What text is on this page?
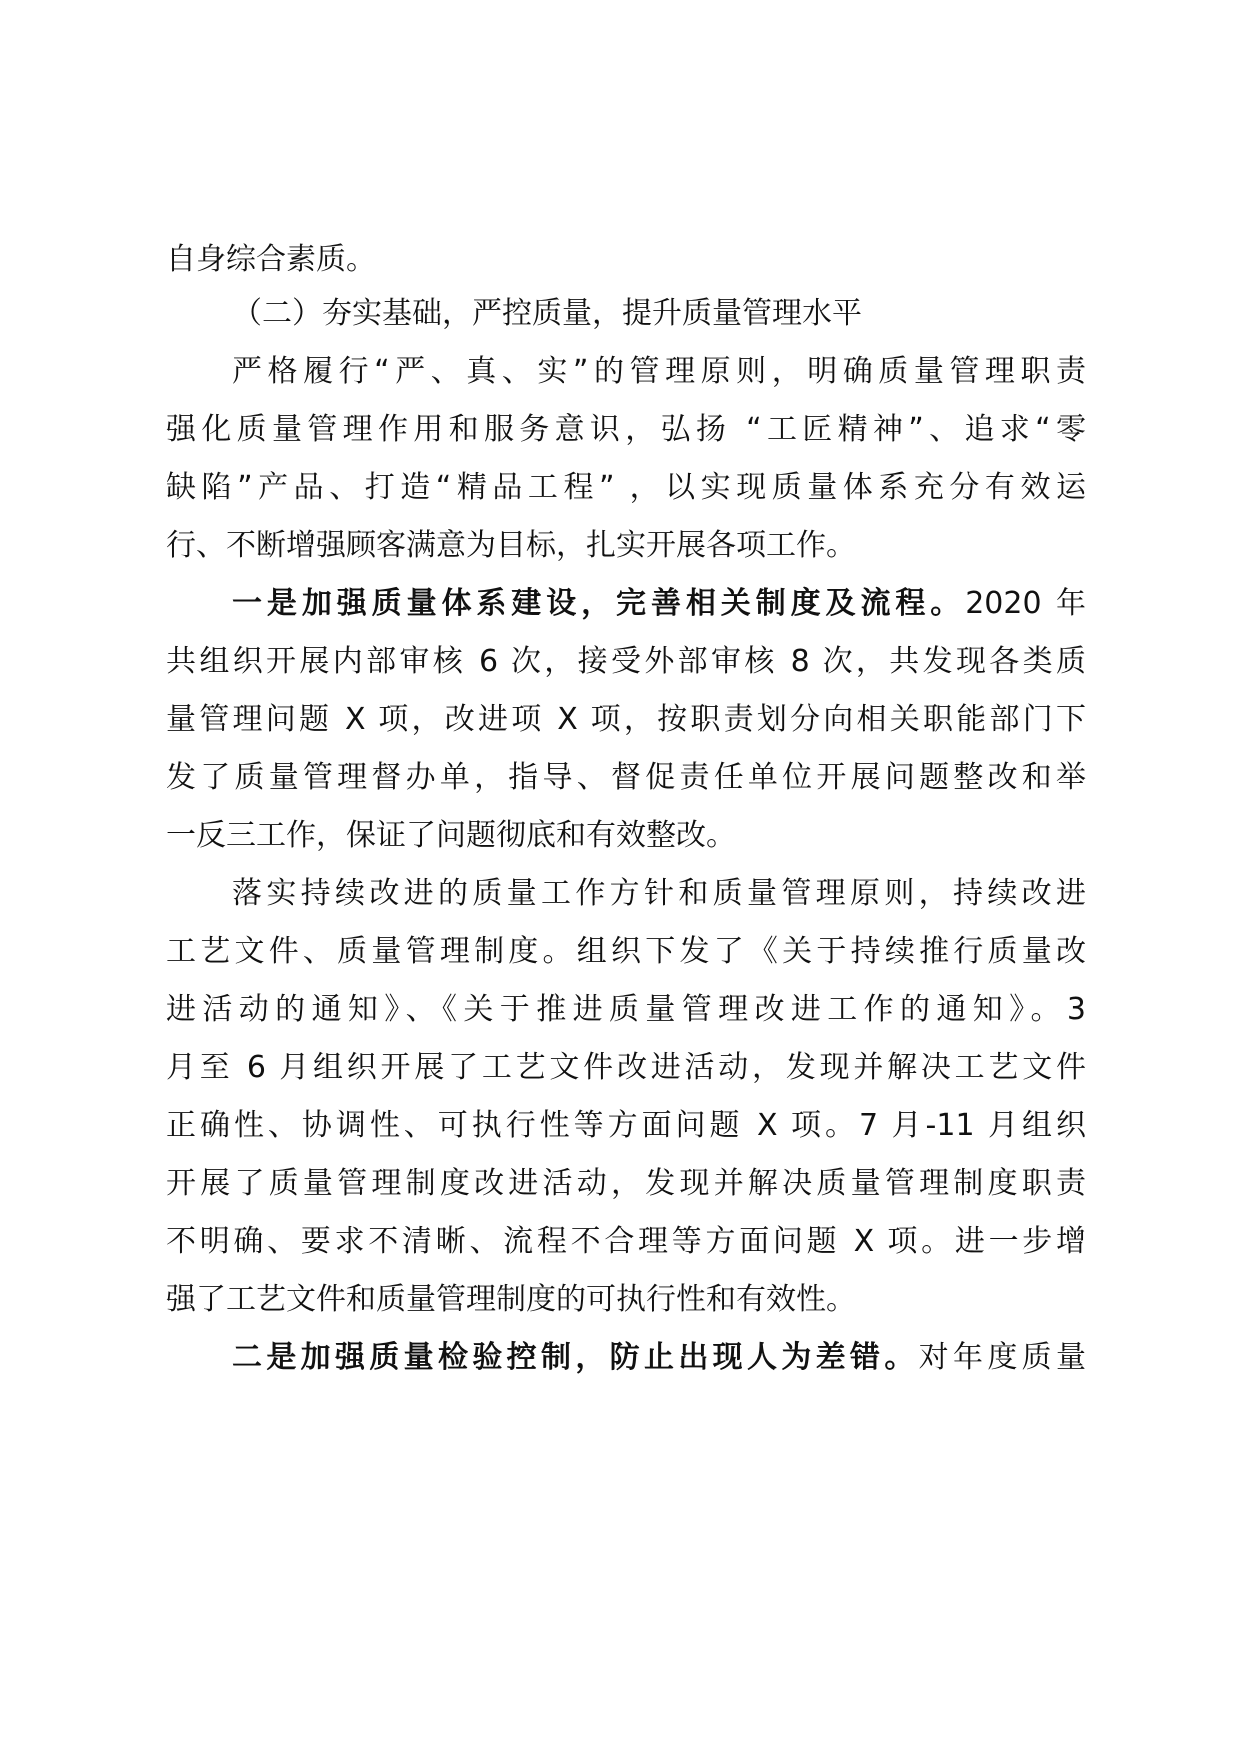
自身综合素质。
（二）夯实基础，严控质量，提升质量管理水平
严格履行“严、真、实”的管理原则，明确质量管理职责
强化质量管理作用和服务意识，弘扬 “工匠精神”、追求“零
缺陷”产品、打造“精品工程” ，以实现质量体系充分有效运
行、不断增强顾客满意为目标，扎实开展各项工作。
一是加强质量体系建设，完善相关制度及流程。2020 年
共组织开展内部审核 6 次，接受外部审核 8 次，共发现各类质
量管理问题 X 项，改进项 X 项，按职责划分向相关职能部门下
发了质量管理督办单，指导、督促责任单位开展问题整改和举
一反三工作，保证了问题彻底和有效整改。
落实持续改进的质量工作方针和质量管理原则，持续改进
工艺文件、质量管理制度。组织下发了《关于持续推行质量改
进活动的通知》、《关于推进质量管理改进工作的通知》。3
月至 6 月组织开展了工艺文件改进活动，发现并解决工艺文件
正确性、协调性、可执行性等方面问题 X 项。7 月-11 月组织
开展了质量管理制度改进活动，发现并解决质量管理制度职责
不明确、要求不清晰、流程不合理等方面问题 X 项。进一步增
强了工艺文件和质量管理制度的可执行性和有效性。
二是加强质量检验控制，防止出现人为差错。对年度质量
